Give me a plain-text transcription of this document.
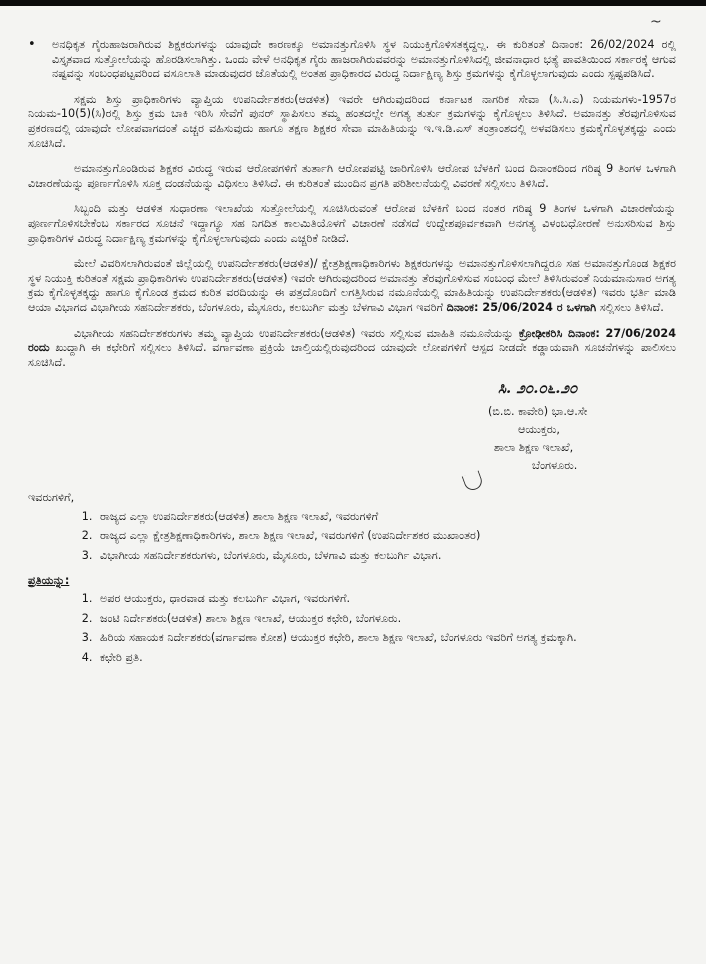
~
•	ಅನಧಿಕೃತ ಗೈರುಹಾಜರಾಗಿರುವ ಶಿಕ್ಷಕರುಗಳನ್ನು ಯಾವುದೇ ಕಾರಣಕ್ಕೂ ಅಮಾನತ್ತುಗೊಳಿಸಿ ಸ್ಥಳ ನಿಯುಕ್ತಿಗೊಳಿಸತಕ್ಕದ್ದಲ್ಲ. ಈ ಕುರಿತಂತೆ ದಿನಾಂಕ: 26/02/2024 ರಲ್ಲಿ ವಿಸ್ತೃತವಾದ ಸುತ್ತೋಲೆಯನ್ನು ಹೊರಡಿಸಲಾಗಿತ್ತು. ಒಂದು ವೇಳೆ ಅನಧಿಕೃತ ಗೈರು ಹಾಜರಾಗಿರುವವರನ್ನು ಅಮಾನತ್ತುಗೊಳಿಸಿದಲ್ಲಿ ಜೀವನಾಧಾರ ಭತ್ಯೆ ಪಾವತಿಯಿಂದ ಸರ್ಕಾರಕ್ಕೆ ಆಗುವ ನಷ್ಟವನ್ನು ಸಂಬಂಧಪಟ್ಟವರಿಂದ ವಸೂಲಾತಿ ಮಾಡುವುದರ ಜೊತೆಯಲ್ಲಿ ಅಂತಹ ಪ್ರಾಧಿಕಾರದ ವಿರುದ್ಧ ನಿರ್ದಾಕ್ಷಿಣ್ಯ ಶಿಸ್ತು ಕ್ರಮಗಳನ್ನು ಕೈಗೊಳ್ಳಲಾಗುವುದು ಎಂದು ಸ್ಪಷ್ಟಪಡಿಸಿದೆ.

ಸಕ್ಷಮ ಶಿಸ್ತು ಪ್ರಾಧಿಕಾರಿಗಳು ವ್ಯಾಪ್ತಿಯ ಉಪನಿರ್ದೇಶಕರು(ಆಡಳಿತ) ಇವರೇ ಆಗಿರುವುದರಿಂದ ಕರ್ನಾಟಕ ನಾಗರಿಕ ಸೇವಾ (ಸಿ.ಸಿ.ಎ) ನಿಯಮಗಳು-1957ರ ನಿಯಮ-10(5)(ಸಿ)ರಲ್ಲಿ ಶಿಸ್ತು ಕ್ರಮ ಬಾಕಿ ಇರಿಸಿ ಸೇವೆಗೆ ಪುನರ್ ಸ್ಥಾಪಿಸಲು ತಮ್ಮ ಹಂತದಲ್ಲೇ ಅಗತ್ಯ ತುರ್ತು ಕ್ರಮಗಳನ್ನು ಕೈಗೊಳ್ಳಲು ತಿಳಿಸಿದೆ. ಅಮಾನತ್ತು ತೆರವುಗೊಳಿಸುವ ಪ್ರಕರಣದಲ್ಲಿ ಯಾವುದೇ ಲೋಪವಾಗದಂತೆ ಎಚ್ಚರ ವಹಿಸುವುದು ಹಾಗೂ ತಕ್ಷಣ ಶಿಕ್ಷಕರ ಸೇವಾ ಮಾಹಿತಿಯನ್ನು ಇ.ಇ.ಡಿ.ಎಸ್ ತಂತ್ರಾಂಶದಲ್ಲಿ ಅಳವಡಿಸಲು ಕ್ರಮಕೈಗೊಳ್ಳತಕ್ಕದ್ದು ಎಂದು ಸೂಚಿಸಿದೆ.

ಅಮಾನತ್ತುಗೊಂಡಿರುವ ಶಿಕ್ಷಕರ ವಿರುದ್ಧ ಇರುವ ಆರೋಪಗಳಿಗೆ ತುರ್ತಾಗಿ ಆರೋಪಪಟ್ಟಿ ಜಾರಿಗೊಳಿಸಿ ಆರೋಪ ಬೆಳಕಿಗೆ ಬಂದ ದಿನಾಂಕದಿಂದ ಗರಿಷ್ಠ 9 ತಿಂಗಳ ಒಳಗಾಗಿ ವಿಚಾರಣೆಯನ್ನು ಪೂರ್ಣಗೊಳಿಸಿ ಸೂಕ್ತ ದಂಡನೆಯನ್ನು ವಿಧಿಸಲು ತಿಳಿಸಿದೆ. ಈ ಕುರಿತಂತೆ ಮುಂದಿನ ಪ್ರಗತಿ ಪರಿಶೀಲನೆಯಲ್ಲಿ ವಿವರಣೆ ಸಲ್ಲಿಸಲು ತಿಳಿಸಿದೆ.

ಸಿಬ್ಬಂದಿ ಮತ್ತು ಆಡಳಿತ ಸುಧಾರಣಾ ಇಲಾಖೆಯ ಸುತ್ತೋಲೆಯಲ್ಲಿ ಸೂಚಿಸಿರುವಂತೆ ಆರೋಪ ಬೆಳಕಿಗೆ ಬಂದ ನಂತರ ಗರಿಷ್ಠ 9 ತಿಂಗಳ ಒಳಗಾಗಿ ವಿಚಾರಣೆಯನ್ನು ಪೂರ್ಣಗೊಳಿಸಬೇಕೆಂಬ ಸರ್ಕಾರದ ಸೂಚನೆ ಇದ್ದಾಗ್ಯೂ ಸಹ ನಿಗದಿತ ಕಾಲಮಿತಿಯೊಳಗೆ ವಿಚಾರಣೆ ನಡೆಸದೆ ಉದ್ದೇಶಪೂರ್ವಕವಾಗಿ ಅನಗತ್ಯ ವಿಳಂಬಧೋರಣೆ ಅನುಸರಿಸುವ ಶಿಸ್ತು ಪ್ರಾಧಿಕಾರಿಗಳ ವಿರುದ್ಧ ನಿರ್ದಾಕ್ಷಿಣ್ಯ ಕ್ರಮಗಳನ್ನು ಕೈಗೊಳ್ಳಲಾಗುವುದು ಎಂದು ಎಚ್ಚರಿಕೆ ನೀಡಿದೆ.

ಮೇಲೆ ವಿವರಿಸಲಾಗಿರುವಂತೆ ಜಿಲ್ಲೆಯಲ್ಲಿ ಉಪನಿರ್ದೇಶಕರು(ಆಡಳಿತ)/ ಕ್ಷೇತ್ರಶಿಕ್ಷಣಾಧಿಕಾರಿಗಳು ಶಿಕ್ಷಕರುಗಳನ್ನು ಅಮಾನತ್ತುಗೊಳಿಸಲಾಗಿದ್ದರೂ ಸಹ ಅಮಾನತ್ತುಗೊಂಡ ಶಿಕ್ಷಕರ ಸ್ಥಳ ನಿಯುಕ್ತಿ ಕುರಿತಂತೆ ಸಕ್ಷಮ ಪ್ರಾಧಿಕಾರಿಗಳು ಉಪನಿರ್ದೇಶಕರು(ಆಡಳಿತ) ಇವರೇ ಆಗಿರುವುದರಿಂದ ಅಮಾನತ್ತು ತೆರವುಗೊಳಿಸುವ ಸಂಬಂಧ ಮೇಲೆ ತಿಳಿಸಿರುವಂತೆ ನಿಯಮಾನುಸಾರ ಅಗತ್ಯ ಕ್ರಮ ಕೈಗೊಳ್ಳತಕ್ಕದ್ದು ಹಾಗೂ ಕೈಗೊಂಡ ಕ್ರಮದ ಕುರಿತ ವರದಿಯನ್ನು ಈ ಪತ್ರದೊಂದಿಗೆ ಲಗತ್ತಿಸಿರುವ ನಮೂನೆಯಲ್ಲಿ ಮಾಹಿತಿಯನ್ನು ಉಪನಿರ್ದೇಶಕರು(ಆಡಳಿತ) ಇವರು ಭರ್ತಿ ಮಾಡಿ ಆಯಾ ವಿಭಾಗದ ವಿಭಾಗೀಯ ಸಹನಿರ್ದೇಶಕರು, ಬೆಂಗಳೂರು, ಮೈಸೂರು, ಕಲಬುರ್ಗಿ ಮತ್ತು ಬೆಳಗಾವಿ ವಿಭಾಗ ಇವರಿಗೆ ದಿನಾಂಕ: 25/06/2024 ರ ಒಳಗಾಗಿ ಸಲ್ಲಿಸಲು ತಿಳಿಸಿದೆ.

ವಿಭಾಗೀಯ ಸಹನಿರ್ದೇಶಕರುಗಳು ತಮ್ಮ ವ್ಯಾಪ್ತಿಯ ಉಪನಿರ್ದೇಶಕರು(ಆಡಳಿತ) ಇವರು ಸಲ್ಲಿಸುವ ಮಾಹಿತಿ ನಮೂನೆಯನ್ನು ಕ್ರೋಢೀಕರಿಸಿ ದಿನಾಂಕ: 27/06/2024 ರಂದು ಖುದ್ದಾಗಿ ಈ ಕಛೇರಿಗೆ ಸಲ್ಲಿಸಲು ತಿಳಿಸಿದೆ. ವರ್ಗಾವಣಾ ಪ್ರಕ್ರಿಯೆ ಚಾಲ್ತಿಯಲ್ಲಿರುವುದರಿಂದ ಯಾವುದೇ ಲೋಪಗಳಿಗೆ ಆಸ್ಪದ ನೀಡದೇ ಕಡ್ಡಾಯವಾಗಿ ಸೂಚನೆಗಳನ್ನು ಪಾಲಿಸಲು ಸೂಚಿಸಿದೆ.

ಸಿ. ೨೦.೦೬.೨೦
(ಬಿ.ಬಿ. ಕಾವೇರಿ) ಭಾ.ಆ.ಸೇ
ಆಯುಕ್ತರು,
ಶಾಲಾ ಶಿಕ್ಷಣ ಇಲಾಖೆ,
ಬೆಂಗಳೂರು.
ಇವರುಗಳಿಗೆ,
1. ರಾಜ್ಯದ ಎಲ್ಲಾ ಉಪನಿರ್ದೇಶಕರು(ಆಡಳಿತ) ಶಾಲಾ ಶಿಕ್ಷಣ ಇಲಾಖೆ, ಇವರುಗಳಿಗೆ
2. ರಾಜ್ಯದ ಎಲ್ಲಾ ಕ್ಷೇತ್ರಶಿಕ್ಷಣಾಧಿಕಾರಿಗಳು, ಶಾಲಾ ಶಿಕ್ಷಣ ಇಲಾಖೆ, ಇವರುಗಳಿಗೆ (ಉಪನಿರ್ದೇಶಕರ ಮುಖಾಂತರ)
3. ವಿಭಾಗೀಯ ಸಹನಿರ್ದೇಶಕರುಗಳು, ಬೆಂಗಳೂರು, ಮೈಸೂರು, ಬೆಳಗಾವಿ ಮತ್ತು ಕಲಬುರ್ಗಿ ವಿಭಾಗ.
ಪ್ರತಿಯನ್ನು:
1. ಅಪರ ಆಯುಕ್ತರು, ಧಾರವಾಡ ಮತ್ತು ಕಲಬುರ್ಗಿ ವಿಭಾಗ, ಇವರುಗಳಿಗೆ.
2. ಜಂಟಿ ನಿರ್ದೇಶಕರು(ಆಡಳಿತ) ಶಾಲಾ ಶಿಕ್ಷಣ ಇಲಾಖೆ, ಆಯುಕ್ತರ ಕಛೇರಿ, ಬೆಂಗಳೂರು.
3. ಹಿರಿಯ ಸಹಾಯಕ ನಿರ್ದೇಶಕರು(ವರ್ಗಾವಣಾ ಕೋಶ) ಆಯುಕ್ತರ ಕಛೇರಿ, ಶಾಲಾ ಶಿಕ್ಷಣ ಇಲಾಖೆ, ಬೆಂಗಳೂರು ಇವರಿಗೆ ಅಗತ್ಯ ಕ್ರಮಕ್ಕಾಗಿ.
4. ಕಛೇರಿ ಪ್ರತಿ.
